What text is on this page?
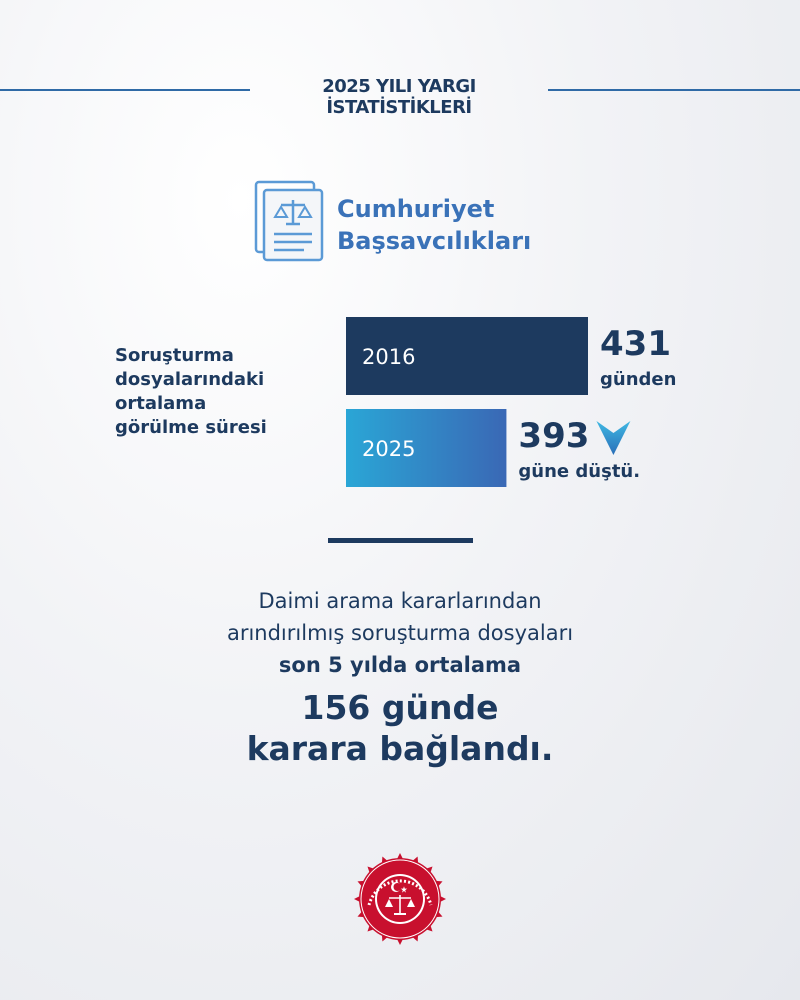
2025 YILI YARGI İSTATİSTİKLERİ
Cumhuriyet
Başsavcılıkları
Soruşturma
dosyalarındaki
ortalama
görülme süresi
2016	431
günden
2025	393
güne düştü.
Daimi arama kararlarından
arındırılmış soruşturma dosyaları
son 5 yılda ortalama
156 günde
karara bağlandı.
